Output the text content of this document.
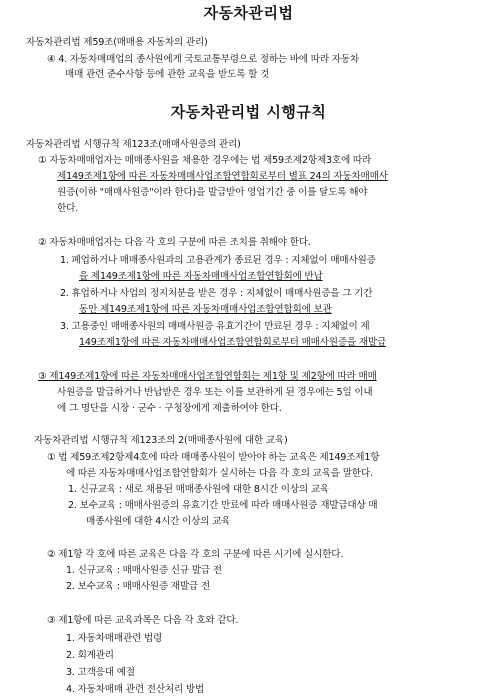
자동차관리법
자동차관리법 제59조(매매용 자동차의 관리)
④ 4. 자동차매매업의 종사원에게 국토교통부령으로 정하는 바에 따라 자동차
매매 관련 준수사항 등에 관한 교육을 받도록 할 것
자동차관리법 시행규칙
자동차관리법 시행규칙 제123조(매매사원증의 관리)
① 자동차매매업자는 매매종사원을 채용한 경우에는 법 제59조제2항제3호에 따라
제149조제1항에 따른 자동차매매사업조합연합회로부터 별표 24의 자동차매매사
원증(이하 "매매사원증"이라 한다)을 발급받아 영업기간 중 이를 달도록 해야
한다.
② 자동차매매업자는 다음 각 호의 구분에 따른 조치를 취해야 한다.
1. 폐업하거나 매매종사원과의 고용관계가 종료된 경우 : 지체없이 매매사원증
을 제149조제1항에 따른 자동차매매사업조합연합회에 반납
2. 휴업하거나 사업의 정지처분을 받은 경우 : 지체없이 매매사원증을 그 기간
동안 제149조제1항에 따른 자동차매매사업조합연합회에 보관
3. 고용중인 매매종사원의 매매사원증 유효기간이 만료된 경우 : 지체없이 제
149조제1항에 따른 자동차매매사업조합연합회로부터 매매사원증을 재발급
③ 제149조제1항에 따른 자동차매매사업조합연합회는 제1항 및 제2항에 따라 매매
사원증을 발급하거나 반납받은 경우 또는 이를 보관하게 된 경우에는 5일 이내
에 그 명단을 시장 · 군수 · 구청장에게 제출하여야 한다.
자동차관리법 시행규칙 제123조의 2(매매종사원에 대한 교육)
① 법 제59조제2항제4호에 따라 매매종사원이 받아야 하는 교육은 제149조제1항
에 따른 자동차매매사업조합연합회가 실시하는 다음 각 호의 교육을 말한다.
1. 신규교육 : 새로 채용된 매매종사원에 대한 8시간 이상의 교육
2. 보수교육 : 매매사원증의 유효기간 만료에 따라 매매사원증 재발급대상 매
매종사원에 대한 4시간 이상의 교육
② 제1항 각 호에 따른 교육은 다음 각 호의 구분에 따른 시기에 실시한다.
1. 신규교육 : 매매사원증 신규 발급 전
2. 보수교육 : 매매사원증 재발급 전
③ 제1항에 따른 교육과목은 다음 각 호와 같다.
1. 자동차매매관련 법령
2. 회계관리
3. 고객응대 예절
4. 자동차매매 관련 전산처리 방법
